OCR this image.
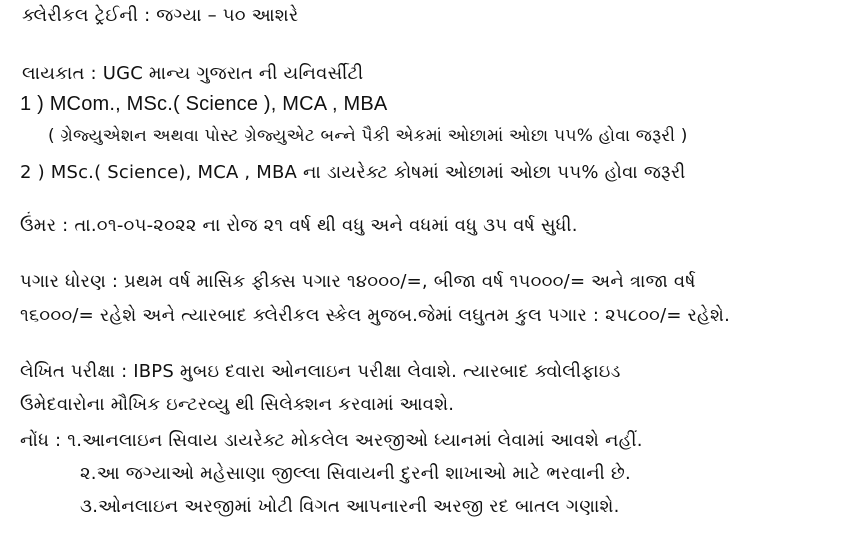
ક્લેરીકલ ટ્રેઈની : જગ્યા – ૫૦ આશરે
લાયકાત : UGC માન્ય ગુજરાત ની યનિવર્સીટી
1 ) MCom., MSc.( Science ), MCA , MBA
( ગ્રેજ્યુએશન અથવા પોસ્ટ ગ્રેજ્યુએટ બન્ને પૈકી એકમાં ઓછામાં ઓછા ૫૫% હોવા જરૂરી )
2 ) MSc.( Science), MCA , MBA ના ડાયરેક્ટ કોષમાં ઓછામાં ઓછા ૫૫% હોવા જરૂરી
ઉંમર : તા.૦૧-૦૫-૨૦૨૨ ના રોજ ૨૧ વર્ષ થી વધુ અને વધમાં વધુ ૩૫ વર્ષ સુધી.
પગાર ધોરણ : પ્રથમ વર્ષ માસિક ફીક્સ પગાર ૧૪૦૦૦/=, બીજા વર્ષ ૧૫૦૦૦/= અને ત્રાજા વર્ષ
૧૬૦૦૦/= રહેશે અને ત્યારબાદ ક્લેરીકલ સ્કેલ મુજબ.જેમાં લઘુતમ કુલ પગાર : ૨૫૮૦૦/= રહેશે.
લેખિત પરીક્ષા : IBPS મુબઇ દવારા ઓનલાઇન પરીક્ષા લેવાશે. ત્યારબાદ ક્વોલીફાઇડ
ઉમેદવારોના મૌખિક ઇન્ટરવ્યુ થી સિલેક્શન કરવામાં આવશે.
નોંધ : ૧.આનલાઇન સિવાય ડાયરેક્ટ મોકલેલ અરજીઓ ધ્યાનમાં લેવામાં આવશે નહીં.
૨.આ જગ્યાઓ મહેસાણા જીલ્લા સિવાયની દુરની શાખાઓ માટે ભરવાની છે.
૩.ઓનલાઇન અરજીમાં ખોટી વિગત આપનારની અરજી રદ બાતલ ગણાશે.
